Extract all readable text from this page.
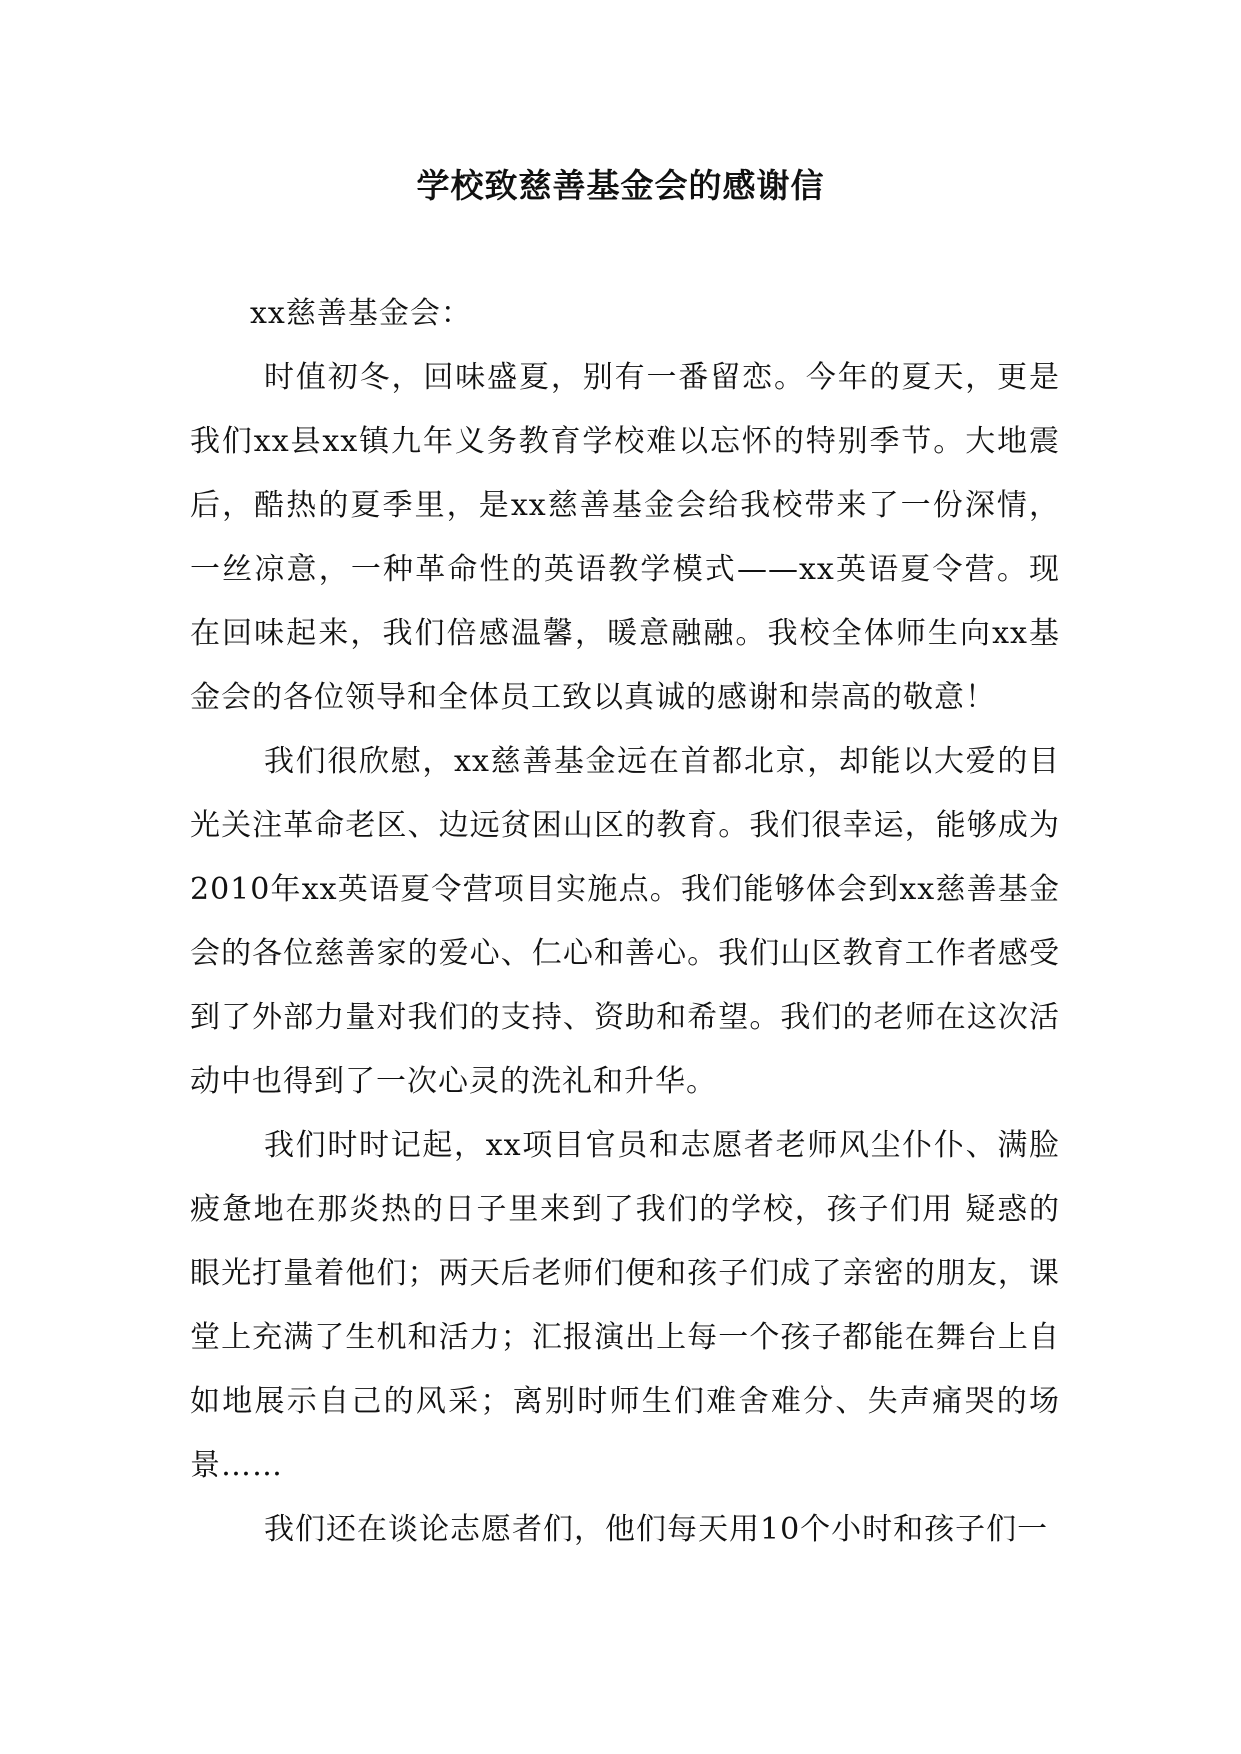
学校致慈善基金会的感谢信

xx慈善基金会：

时值初冬，回味盛夏，别有一番留恋。今年的夏天，更是我们xx县xx镇九年义务教育学校难以忘怀的特别季节。大地震后，酷热的夏季里，是xx慈善基金会给我校带来了一份深情，一丝凉意，一种革命性的英语教学模式——xx英语夏令营。现在回味起来，我们倍感温馨，暖意融融。我校全体师生向xx基金会的各位领导和全体员工致以真诚的感谢和崇高的敬意！

我们很欣慰，xx慈善基金远在首都北京，却能以大爱的目光关注革命老区、边远贫困山区的教育。我们很幸运，能够成为2010年xx英语夏令营项目实施点。我们能够体会到xx慈善基金会的各位慈善家的爱心、仁心和善心。我们山区教育工作者感受到了外部力量对我们的支持、资助和希望。我们的老师在这次活动中也得到了一次心灵的洗礼和升华。

我们时时记起，xx项目官员和志愿者老师风尘仆仆、满脸疲惫地在那炎热的日子里来到了我们的学校，孩子们用 疑惑的眼光打量着他们；两天后老师们便和孩子们成了亲密的朋友，课堂上充满了生机和活力；汇报演出上每一个孩子都能在舞台上自如地展示自己的风采；离别时师生们难舍难分、失声痛哭的场景……

我们还在谈论志愿者们，他们每天用10个小时和孩子们一
